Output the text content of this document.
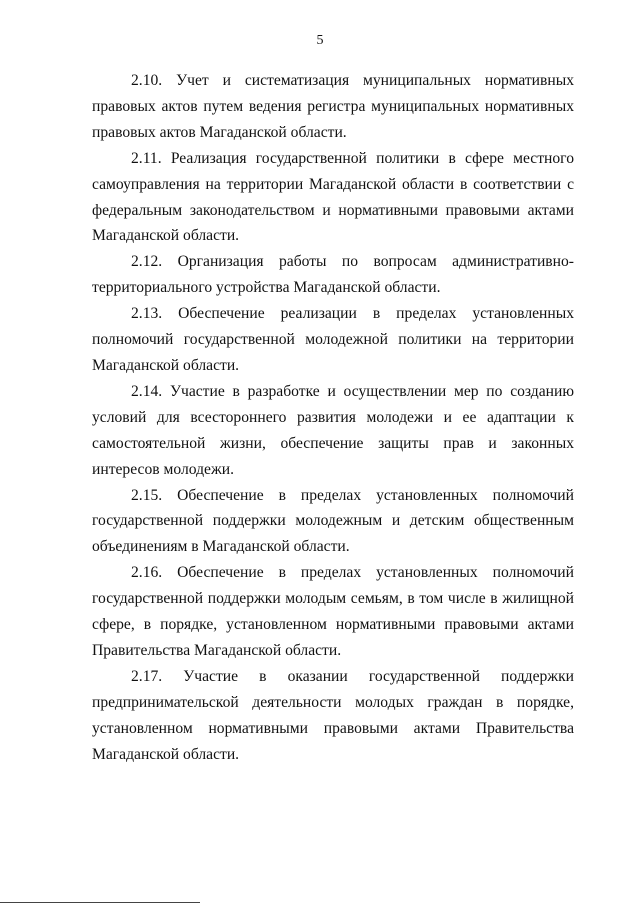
5

2.10. Учет и систематизация муниципальных нормативных правовых актов путем ведения регистра муниципальных нормативных правовых актов Магаданской области.

2.11. Реализация государственной политики в сфере местного самоуправления на территории Магаданской области в соответствии с федеральным законодательством и нормативными правовыми актами Магаданской области.

2.12. Организация работы по вопросам административно-территориального устройства Магаданской области.

2.13. Обеспечение реализации в пределах установленных полномочий государственной молодежной политики на территории Магаданской области.

2.14. Участие в разработке и осуществлении мер по созданию условий для всестороннего развития молодежи и ее адаптации к самостоятельной жизни, обеспечение защиты прав и законных интересов молодежи.

2.15. Обеспечение в пределах установленных полномочий государственной поддержки молодежным и детским общественным объединениям в Магаданской области.

2.16. Обеспечение в пределах установленных полномочий государственной поддержки молодым семьям, в том числе в жилищной сфере, в порядке, установленном нормативными правовыми актами Правительства Магаданской области.

2.17. Участие в оказании государственной поддержки предпринимательской деятельности молодых граждан в порядке, установленном нормативными правовыми актами Правительства Магаданской области.
